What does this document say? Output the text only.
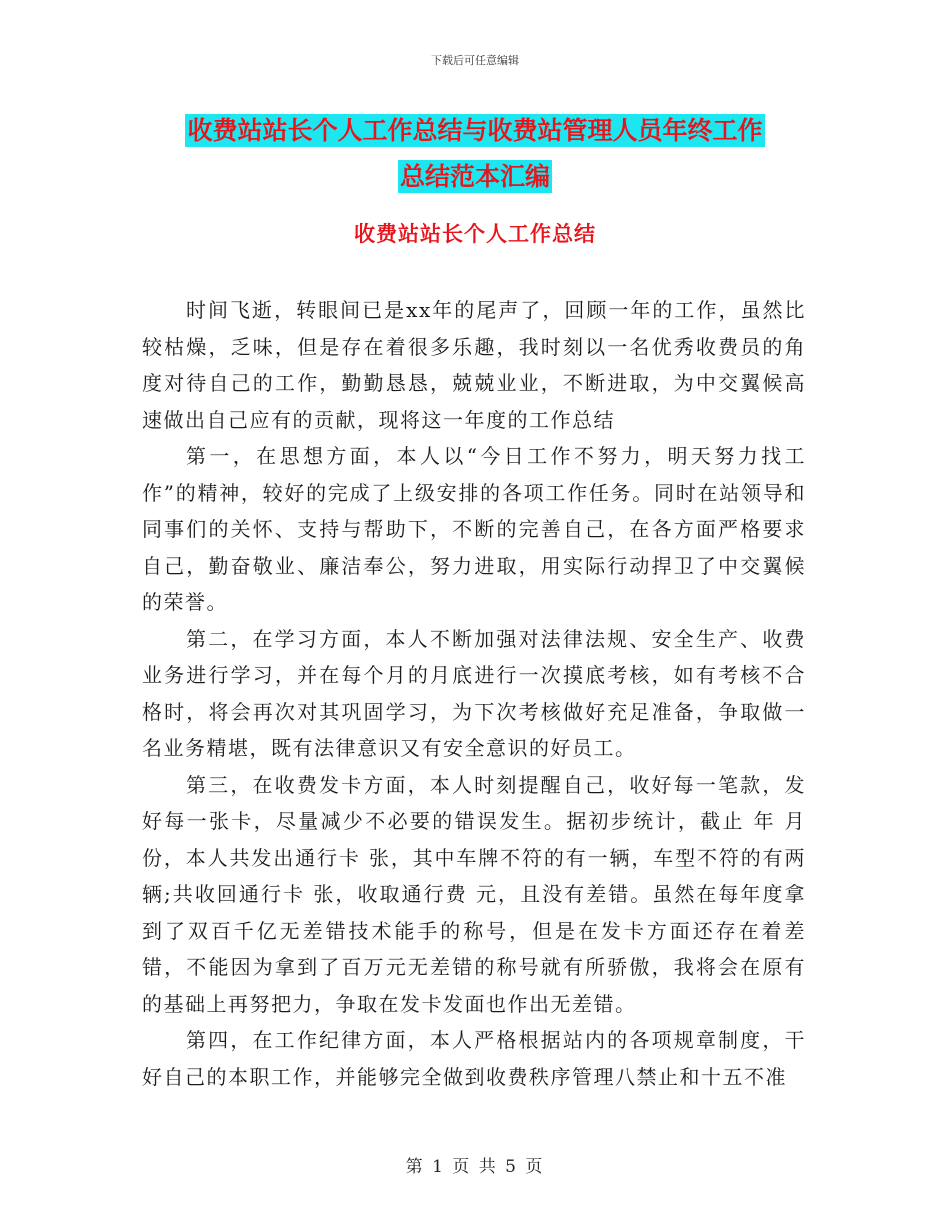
下载后可任意编辑
收费站站长个人工作总结与收费站管理人员年终工作
总结范本汇编
收费站站长个人工作总结

时间飞逝，转眼间已是xx年的尾声了，回顾一年的工作，虽然比较枯燥，乏味，但是存在着很多乐趣，我时刻以一名优秀收费员的角度对待自己的工作，勤勤恳恳，兢兢业业，不断进取，为中交翼候高速做出自己应有的贡献，现将这一年度的工作总结

第一，在思想方面，本人以“今日工作不努力，明天努力找工作”的精神，较好的完成了上级安排的各项工作任务。同时在站领导和同事们的关怀、支持与帮助下，不断的完善自己，在各方面严格要求自己，勤奋敬业、廉洁奉公，努力进取，用实际行动捍卫了中交翼候的荣誉。

第二，在学习方面，本人不断加强对法律法规、安全生产、收费业务进行学习，并在每个月的月底进行一次摸底考核，如有考核不合格时，将会再次对其巩固学习，为下次考核做好充足准备，争取做一名业务精堪，既有法律意识又有安全意识的好员工。

第三，在收费发卡方面，本人时刻提醒自己，收好每一笔款，发好每一张卡，尽量减少不必要的错误发生。据初步统计，截止 年 月份，本人共发出通行卡 张，其中车牌不符的有一辆，车型不符的有两辆;共收回通行卡 张，收取通行费 元，且没有差错。虽然在每年度拿到了双百千亿无差错技术能手的称号，但是在发卡方面还存在着差错，不能因为拿到了百万元无差错的称号就有所骄傲，我将会在原有的基础上再努把力，争取在发卡发面也作出无差错。

第四，在工作纪律方面，本人严格根据站内的各项规章制度，干好自己的本职工作，并能够完全做到收费秩序管理八禁止和十五不准

第 1 页 共 5 页
